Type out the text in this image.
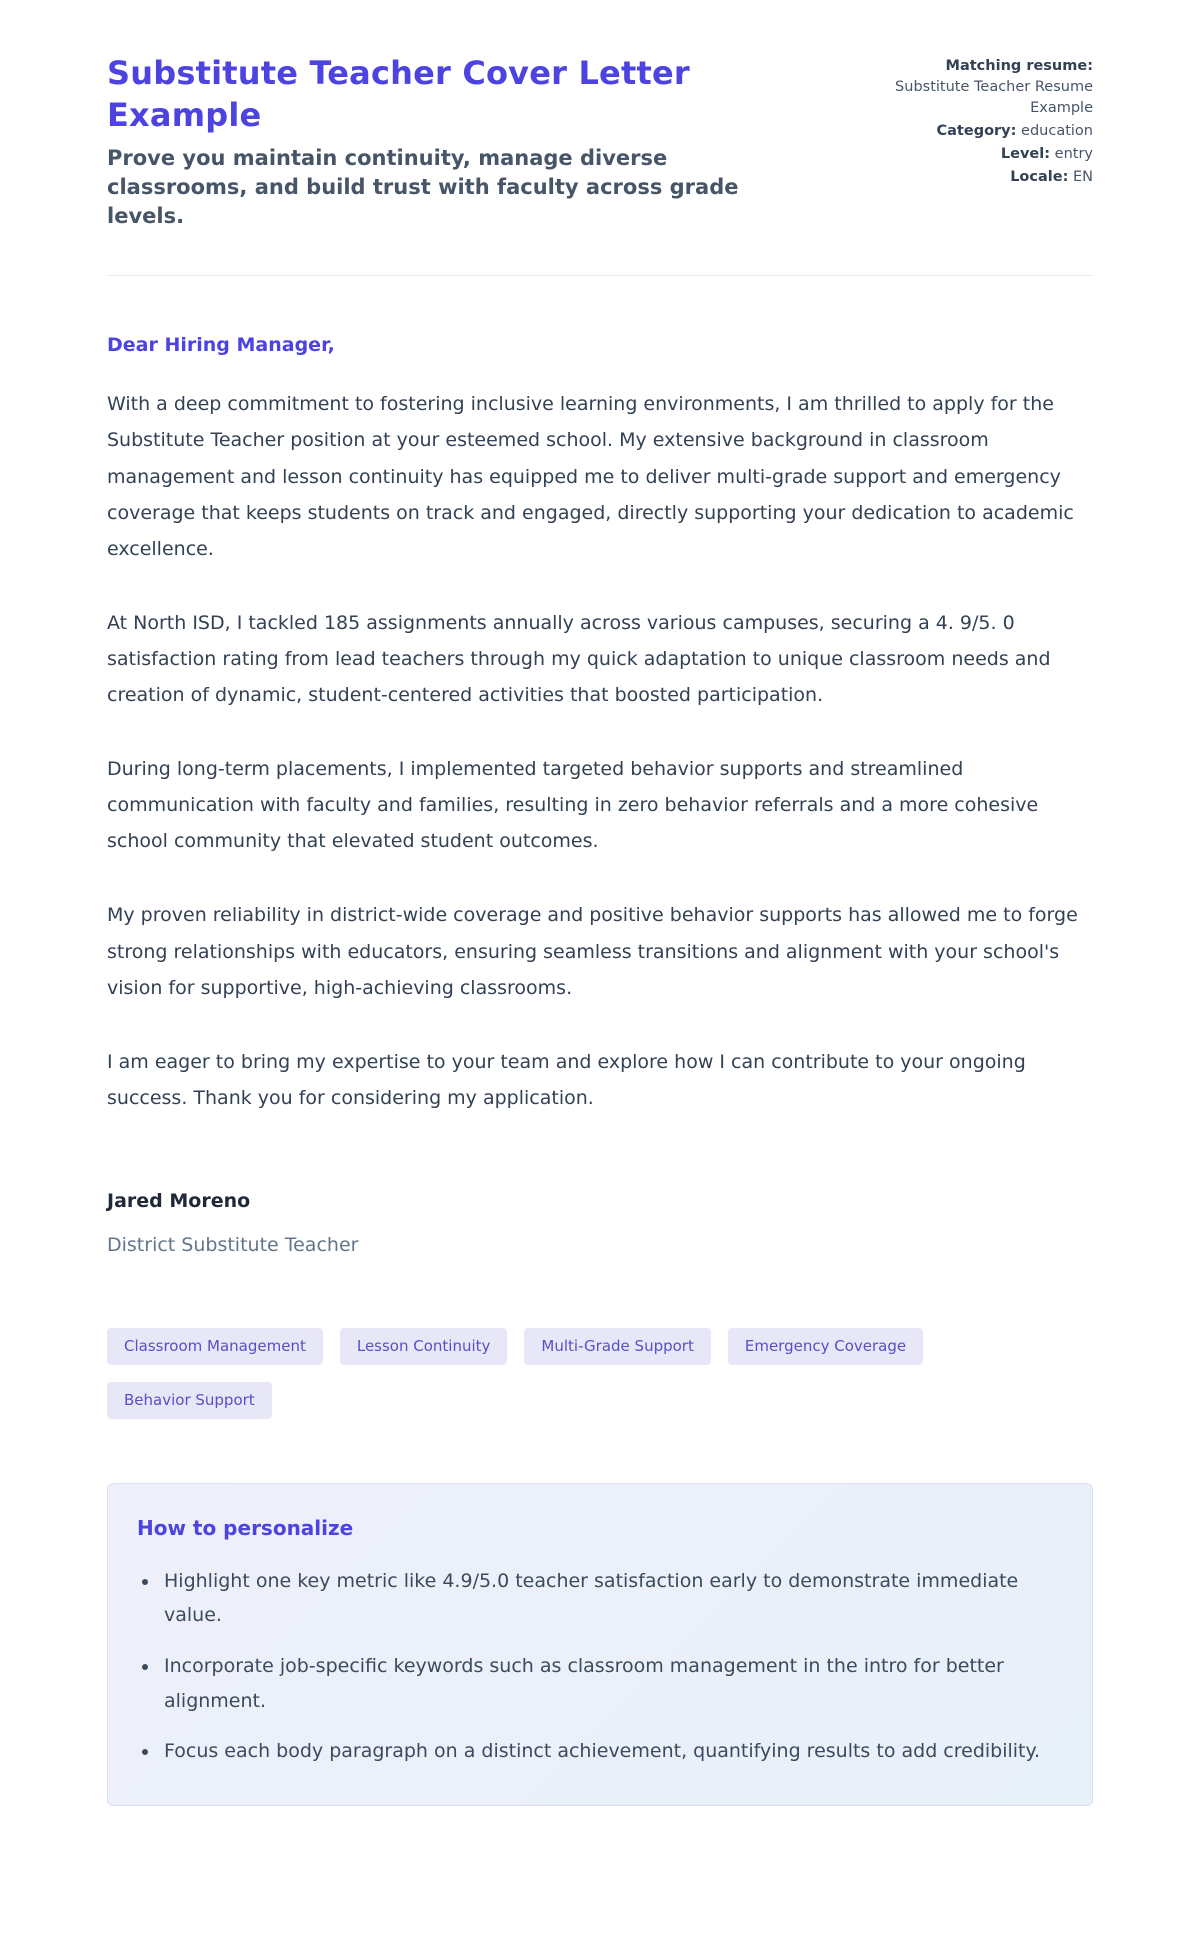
Substitute Teacher Cover Letter Example

Prove you maintain continuity, manage diverse classrooms, and build trust with faculty across grade levels.

Matching resume: Substitute Teacher Resume Example
Category: education
Level: entry
Locale: EN
Dear Hiring Manager,

With a deep commitment to fostering inclusive learning environments, I am thrilled to apply for the Substitute Teacher position at your esteemed school. My extensive background in classroom management and lesson continuity has equipped me to deliver multi-grade support and emergency coverage that keeps students on track and engaged, directly supporting your dedication to academic excellence.

At North ISD, I tackled 185 assignments annually across various campuses, securing a 4. 9/5. 0 satisfaction rating from lead teachers through my quick adaptation to unique classroom needs and creation of dynamic, student-centered activities that boosted participation.

During long-term placements, I implemented targeted behavior supports and streamlined communication with faculty and families, resulting in zero behavior referrals and a more cohesive school community that elevated student outcomes.

My proven reliability in district-wide coverage and positive behavior supports has allowed me to forge strong relationships with educators, ensuring seamless transitions and alignment with your school's vision for supportive, high-achieving classrooms.

I am eager to bring my expertise to your team and explore how I can contribute to your ongoing success. Thank you for considering my application.

Jared Moreno

District Substitute Teacher

Classroom Management	Lesson Continuity	Multi-Grade Support	Emergency Coverage
Behavior Support
How to personalize
• Highlight one key metric like 4.9/5.0 teacher satisfaction early to demonstrate immediate value.
• Incorporate job-specific keywords such as classroom management in the intro for better alignment.
• Focus each body paragraph on a distinct achievement, quantifying results to add credibility.
